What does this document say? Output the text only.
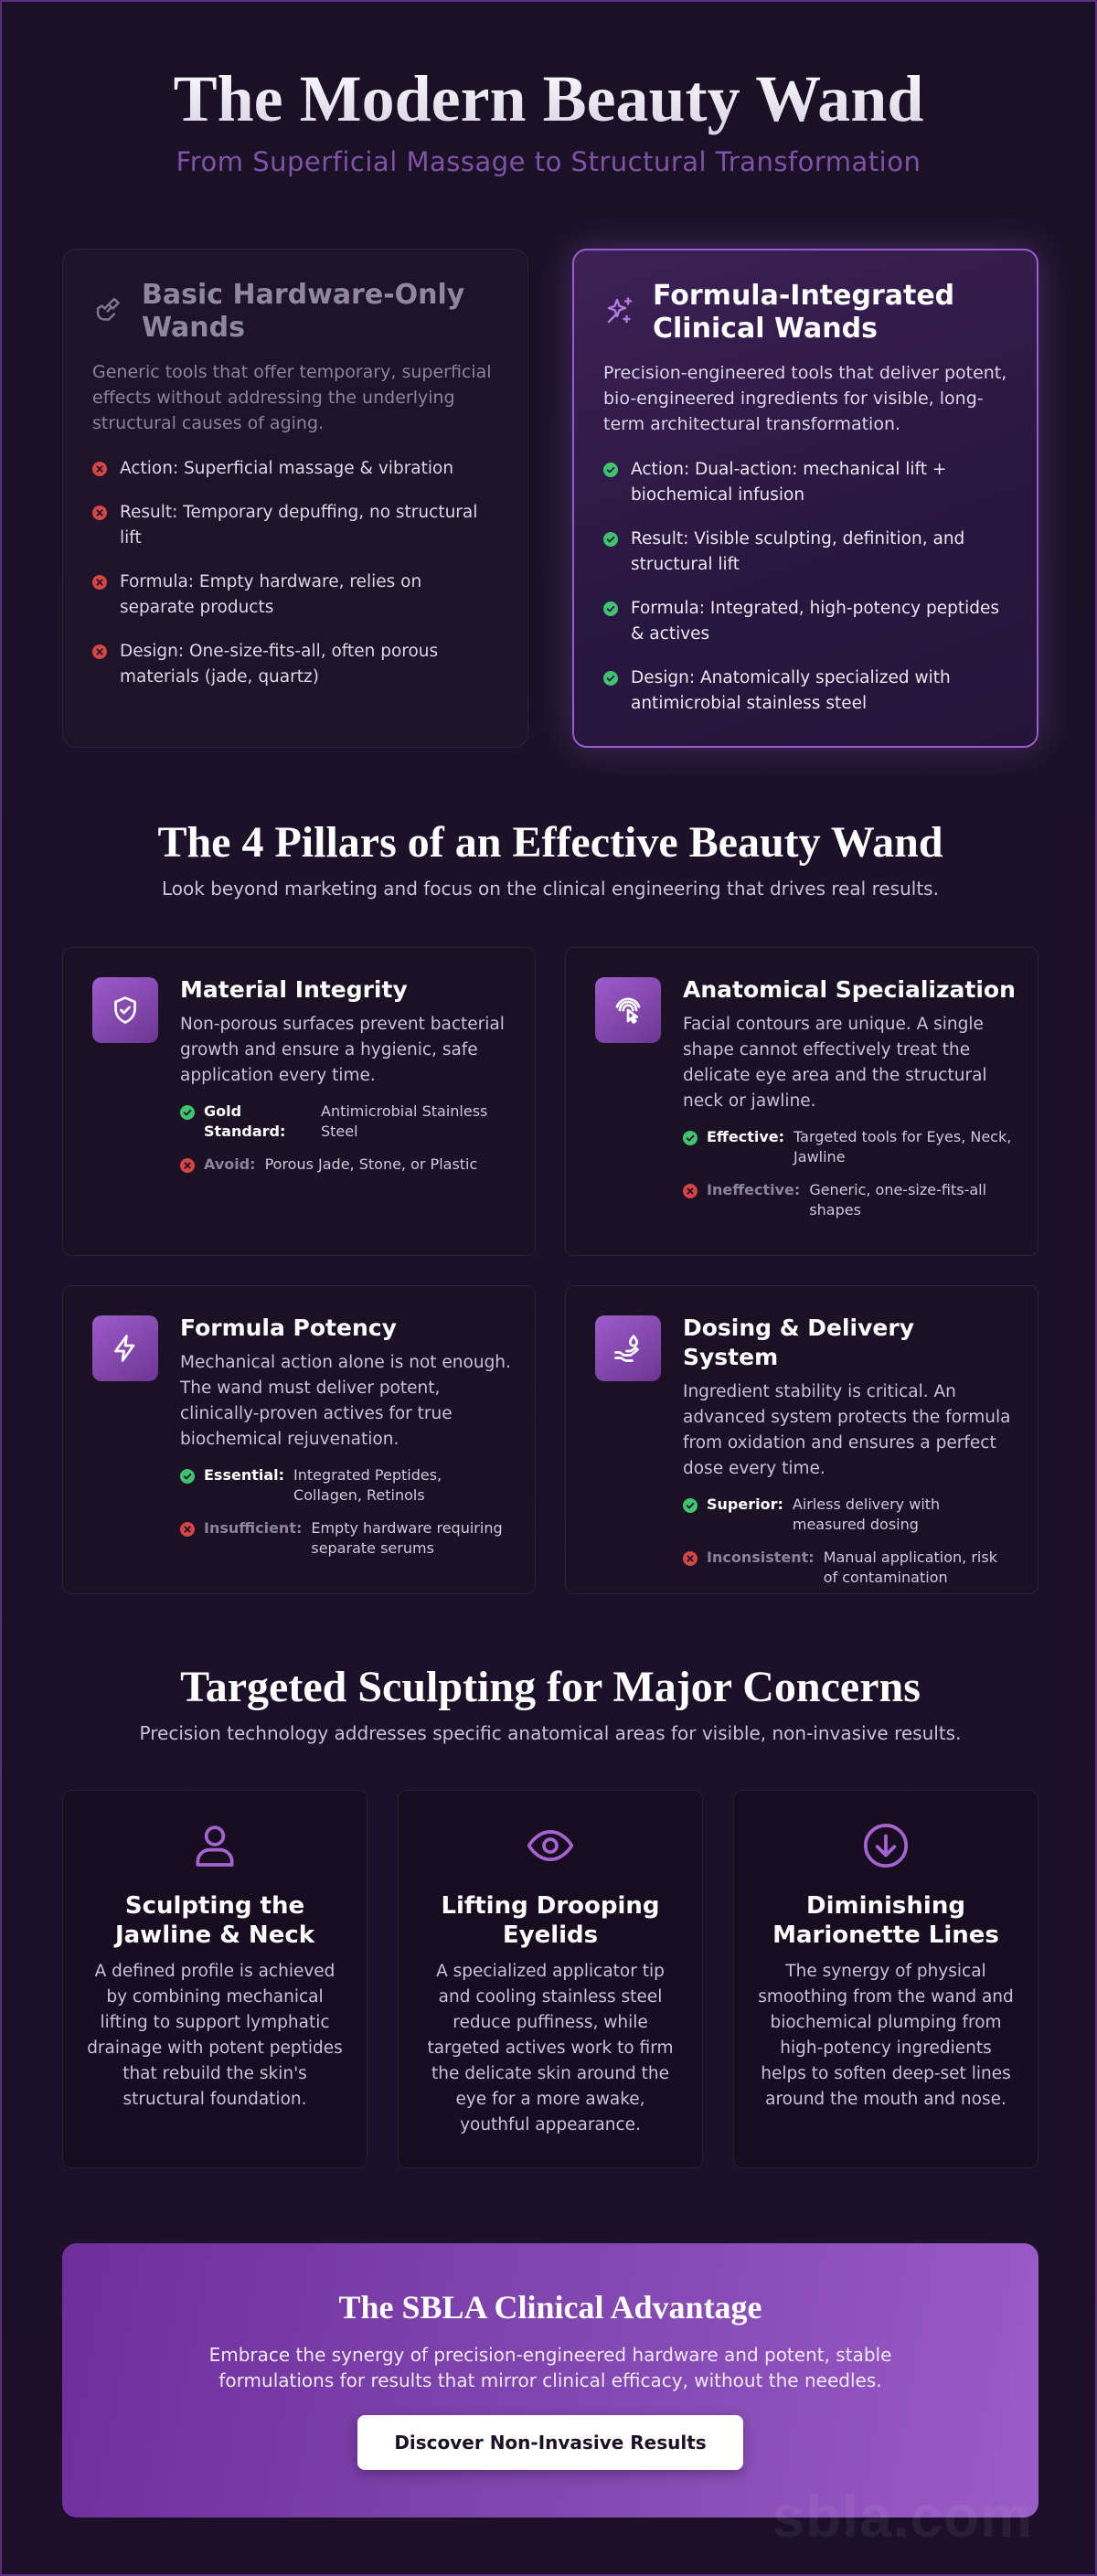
The Modern Beauty Wand
From Superficial Massage to Structural Transformation
Basic Hardware-Only Wands

Generic tools that offer temporary, superficial effects without addressing the underlying structural causes of aging.

Action: Superficial massage & vibration
Result: Temporary depuffing, no structural lift
Formula: Empty hardware, relies on separate products
Design: One-size-fits-all, often porous materials (jade, quartz)
Formula-Integrated Clinical Wands

Precision-engineered tools that deliver potent, bio-engineered ingredients for visible, long-term architectural transformation.

Action: Dual-action: mechanical lift + biochemical infusion
Result: Visible sculpting, definition, and structural lift
Formula: Integrated, high-potency peptides & actives
Design: Anatomically specialized with antimicrobial stainless steel
The 4 Pillars of an Effective Beauty Wand

Look beyond marketing and focus on the clinical engineering that drives real results.

Material Integrity

Non-porous surfaces prevent bacterial growth and ensure a hygienic, safe application every time.

Gold Standard:
Antimicrobial Stainless Steel
Avoid: Porous Jade, Stone, or Plastic
Anatomical Specialization

Facial contours are unique. A single shape cannot effectively treat the delicate eye area and the structural neck or jawline.

Effective: Targeted tools for Eyes, Neck, Jawline
Ineffective: Generic, one-size-fits-all shapes
Formula Potency

Mechanical action alone is not enough. The wand must deliver potent, clinically-proven actives for true biochemical rejuvenation.

Essential: Integrated Peptides, Collagen, Retinols
Insufficient: Empty hardware requiring separate serums
Dosing & Delivery System

Ingredient stability is critical. An advanced system protects the formula from oxidation and ensures a perfect dose every time.

Superior: Airless delivery with measured dosing
Inconsistent: Manual application, risk of contamination
Targeted Sculpting for Major Concerns

Precision technology addresses specific anatomical areas for visible, non-invasive results.

Sculpting the Jawline & Neck

A defined profile is achieved by combining mechanical lifting to support lymphatic drainage with potent peptides that rebuild the skin's structural foundation.

Lifting Drooping Eyelids

A specialized applicator tip and cooling stainless steel reduce puffiness, while targeted actives work to firm the delicate skin around the eye for a more awake, youthful appearance.

Diminishing Marionette Lines

The synergy of physical smoothing from the wand and biochemical plumping from high-potency ingredients helps to soften deep-set lines around the mouth and nose.

The SBLA Clinical Advantage

Embrace the synergy of precision-engineered hardware and potent, stable formulations for results that mirror clinical efficacy, without the needles.

Discover Non-Invasive Results
sbla.com
